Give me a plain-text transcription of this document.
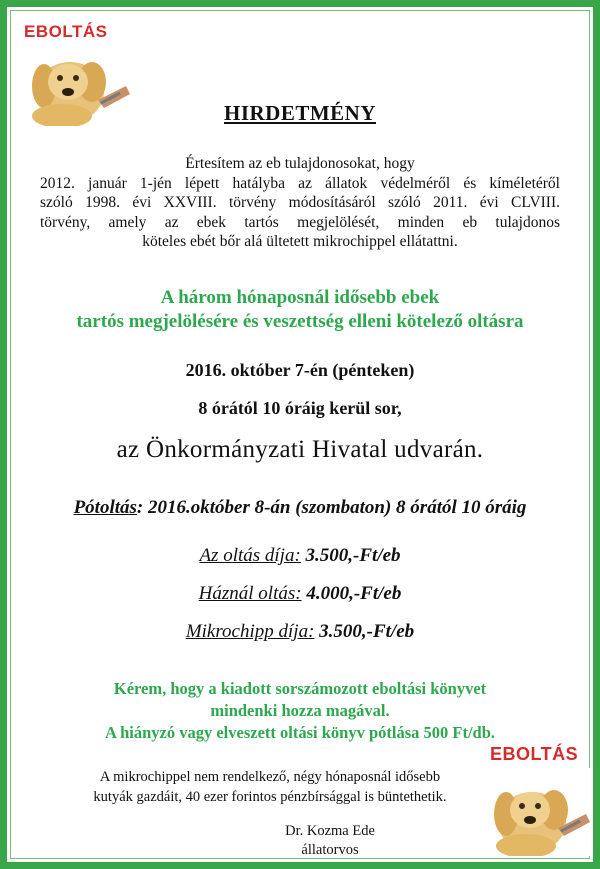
EBOLTÁS
EBOLTÁS
HIRDETMÉNY

Értesítem az eb tulajdonosokat, hogy

2012. január 1-jén lépett hatályba az állatok védelméről és kíméletéről

szóló 1998. évi XXVIII. törvény módosításáról szóló 2011. évi CLVIII.

törvény, amely az ebek tartós megjelölését, minden eb tulajdonos

köteles ebét bőr alá ültetett mikrochippel ellátattni.

A három hónaposnál idősebb ebek

tartós megjelölésére és veszettség elleni kötelező oltásra

2016. október 7-én (pénteken)
8 órától 10 óráig kerül sor,
az Önkormányzati Hivatal udvarán.
Pótoltás: 2016.október 8-án (szombaton) 8 órától 10 óráig
Az oltás díja: 3.500,-Ft/eb
Háznál oltás: 4.000,-Ft/eb
Mikrochipp díja: 3.500,-Ft/eb

Kérem, hogy a kiadott sorszámozott eboltási könyvet

mindenki hozza magával.

A hiányzó vagy elveszett oltási könyv pótlása 500 Ft/db.

A mikrochippel nem rendelkező, négy hónaposnál idősebb

kutyák gazdáit, 40 ezer forintos pénzbírsággal is büntethetik.

Dr. Kozma Ede

állatorvos
